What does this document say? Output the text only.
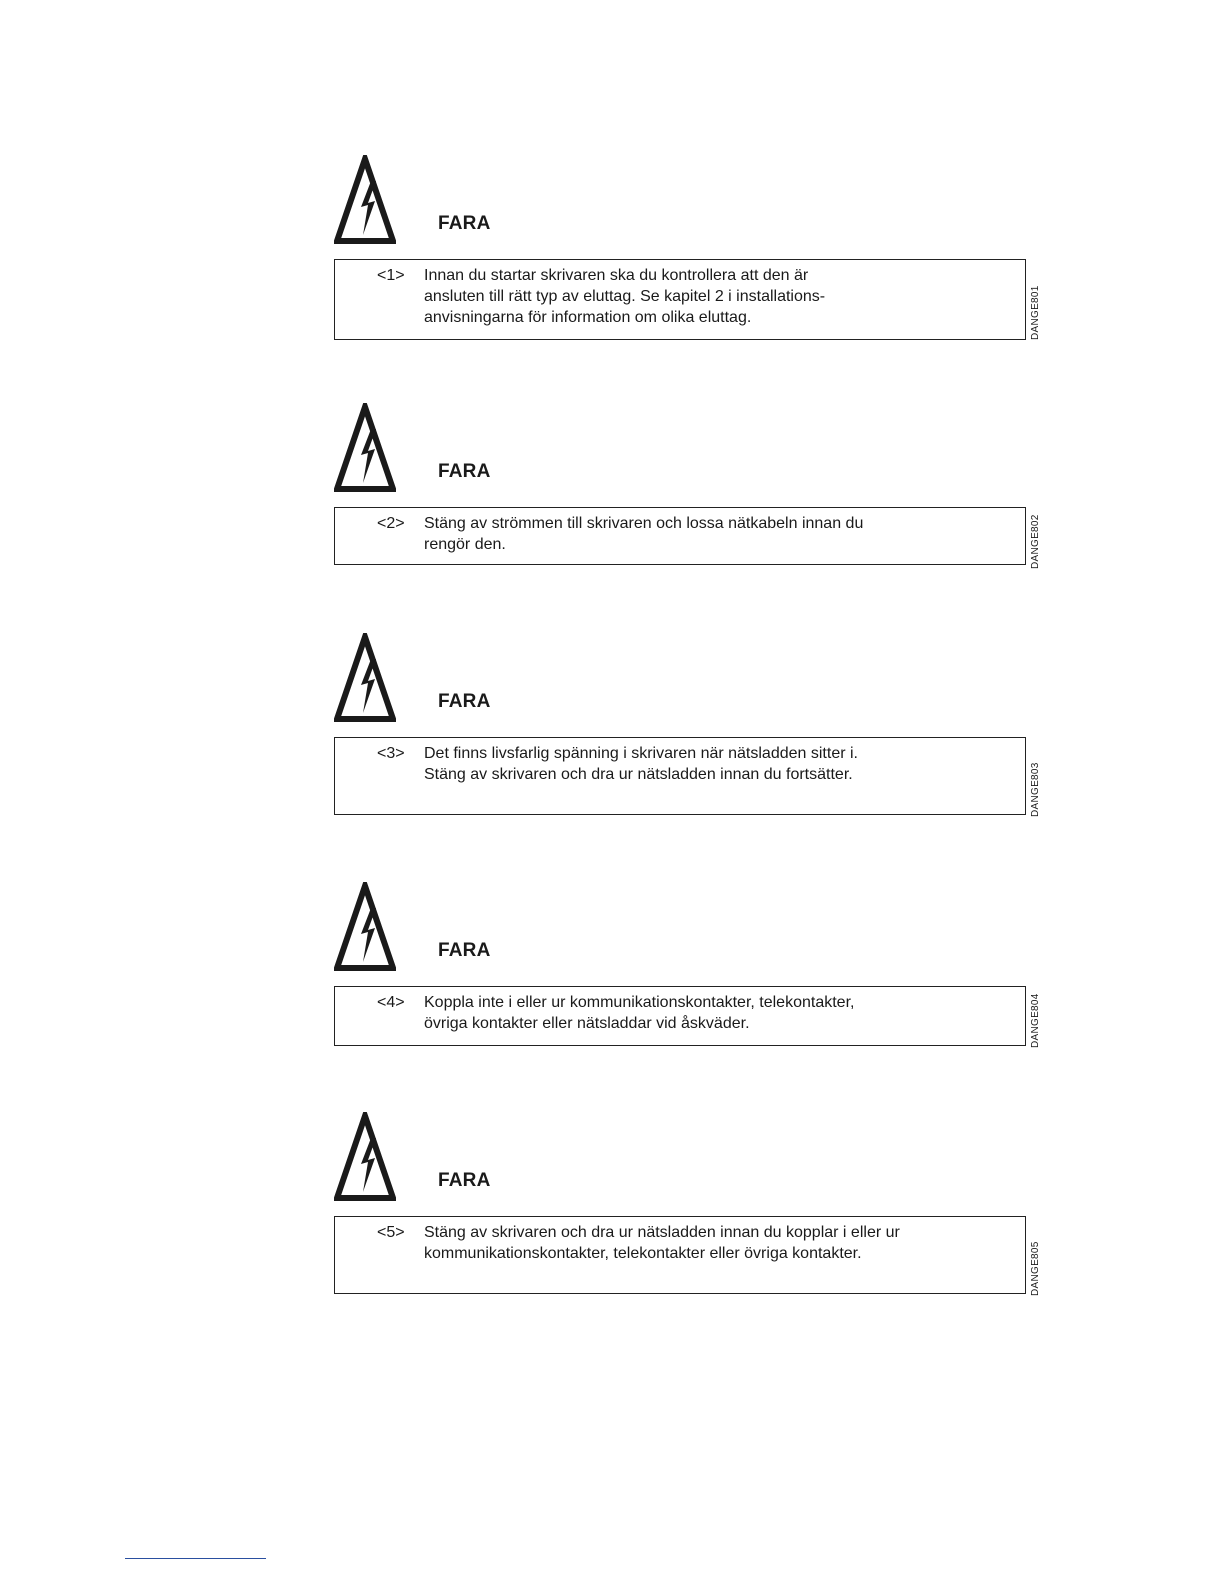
FARA
<1>	Innan du startar skrivaren ska du kontrollera att den är
ansluten till rätt typ av eluttag. Se kapitel 2 i installations-
anvisningarna för information om olika eluttag.	DANGE801
FARA
<2>	Stäng av strömmen till skrivaren och lossa nätkabeln innan du
rengör den.	DANGE802
FARA
<3>	Det finns livsfarlig spänning i skrivaren när nätsladden sitter i.
Stäng av skrivaren och dra ur nätsladden innan du fortsätter.	DANGE803
FARA
<4>	Koppla inte i eller ur kommunikationskontakter, telekontakter,
övriga kontakter eller nätsladdar vid åskväder.	DANGE804
FARA
<5>	Stäng av skrivaren och dra ur nätsladden innan du kopplar i eller ur
kommunikationskontakter, telekontakter eller övriga kontakter.	DANGE805
